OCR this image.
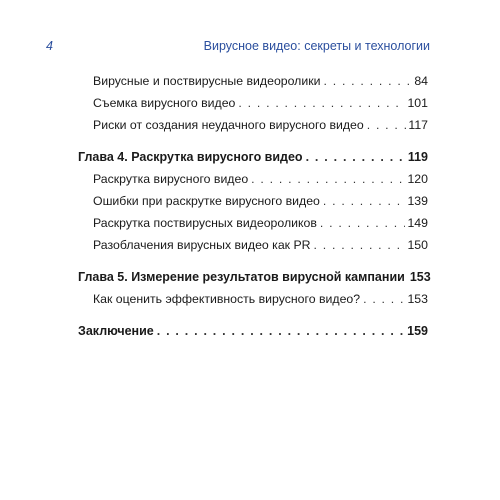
4	Вирусное видео: секреты и технологии
Вирусные и поствирусные видеоролики . . .	84
Съемка вирусного видео . . .	101
Риски от создания неудачного вирусного видео . . .	117
Глава 4. Раскрутка вирусного видео . . .	119
Раскрутка вирусного видео . . .	120
Ошибки при раскрутке вирусного видео . . .	139
Раскрутка поствирусных видеороликов . . .	149
Разоблачения вирусных видео как PR . . .	150
Глава 5. Измерение результатов вирусной кампании 153
Как оценить эффективность вирусного видео? . . .	153
Заключение . . .	159
